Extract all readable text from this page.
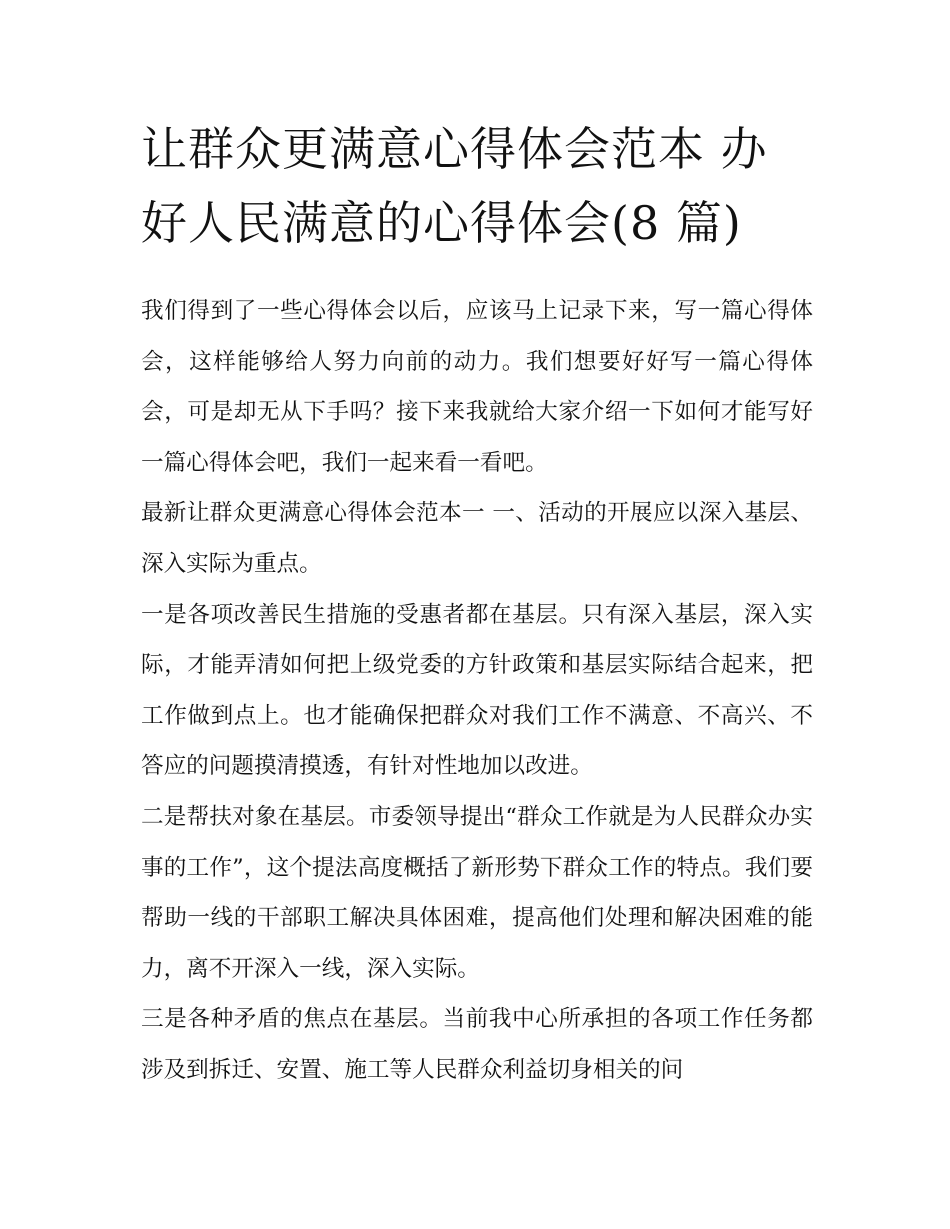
让群众更满意心得体会范本 办好人民满意的心得体会(8 篇)

我们得到了一些心得体会以后，应该马上记录下来，写一篇心得体会，这样能够给人努力向前的动力。我们想要好好写一篇心得体会，可是却无从下手吗？接下来我就给大家介绍一下如何才能写好一篇心得体会吧，我们一起来看一看吧。

最新让群众更满意心得体会范本一 一、活动的开展应以深入基层、深入实际为重点。

一是各项改善民生措施的受惠者都在基层。只有深入基层，深入实际，才能弄清如何把上级党委的方针政策和基层实际结合起来，把工作做到点上。也才能确保把群众对我们工作不满意、不高兴、不答应的问题摸清摸透，有针对性地加以改进。

二是帮扶对象在基层。市委领导提出“群众工作就是为人民群众办实事的工作”，这个提法高度概括了新形势下群众工作的特点。我们要帮助一线的干部职工解决具体困难，提高他们处理和解决困难的能力，离不开深入一线，深入实际。

三是各种矛盾的焦点在基层。当前我中心所承担的各项工作任务都涉及到拆迁、安置、施工等人民群众利益切身相关的问
